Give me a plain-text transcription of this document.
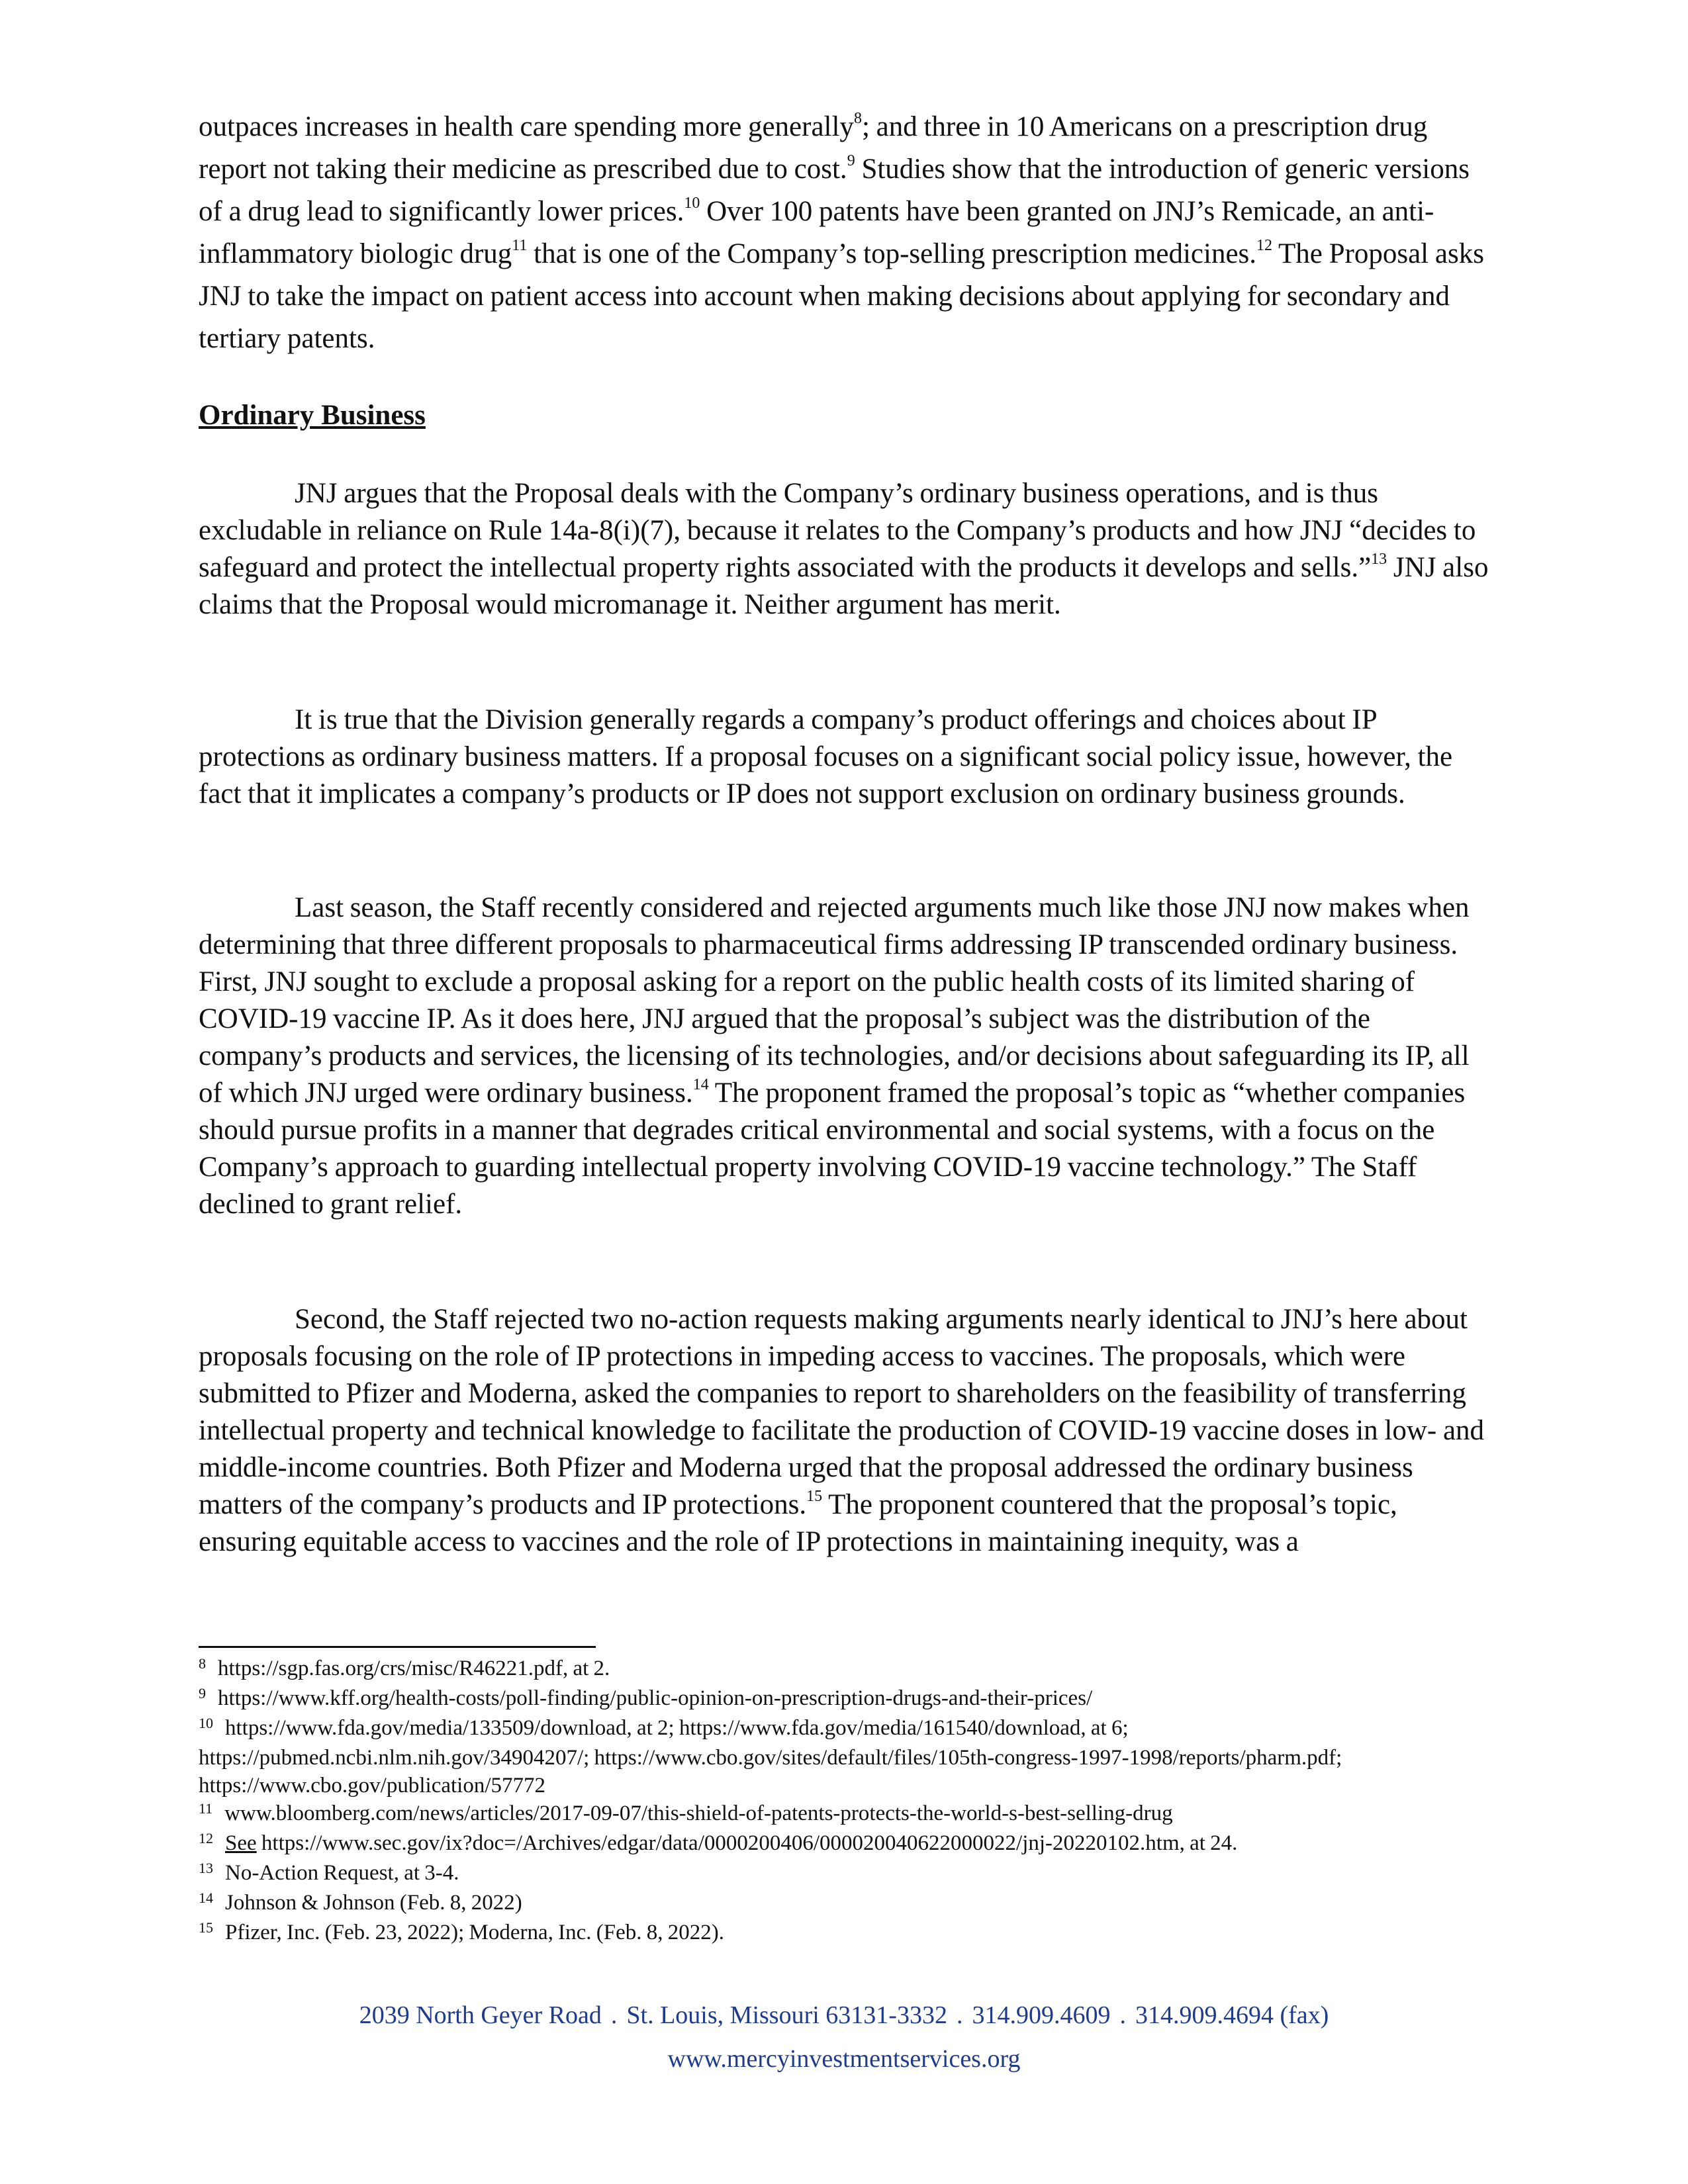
outpaces increases in health care spending more generally$^8$; and three in 10 Americans on a prescription drug report not taking their medicine as prescribed due to cost.$^9$ Studies show that the introduction of generic versions of a drug lead to significantly lower prices.$^{10}$ Over 100 patents have been granted on JNJ’s Remicade, an anti-inflammatory biologic drug$^{11}$ that is one of the Company’s top-selling prescription medicines.$^{12}$ The Proposal asks JNJ to take the impact on patient access into account when making decisions about applying for secondary and tertiary patents.

Ordinary Business

JNJ argues that the Proposal deals with the Company’s ordinary business operations, and is thus excludable in reliance on Rule 14a-8(i)(7), because it relates to the Company’s products and how JNJ “decides to safeguard and protect the intellectual property rights associated with the products it develops and sells.”$^{13}$ JNJ also claims that the Proposal would micromanage it. Neither argument has merit.

It is true that the Division generally regards a company’s product offerings and choices about IP protections as ordinary business matters. If a proposal focuses on a significant social policy issue, however, the fact that it implicates a company’s products or IP does not support exclusion on ordinary business grounds.

Last season, the Staff recently considered and rejected arguments much like those JNJ now makes when determining that three different proposals to pharmaceutical firms addressing IP transcended ordinary business. First, JNJ sought to exclude a proposal asking for a report on the public health costs of its limited sharing of COVID-19 vaccine IP. As it does here, JNJ argued that the proposal’s subject was the distribution of the company’s products and services, the licensing of its technologies, and/or decisions about safeguarding its IP, all of which JNJ urged were ordinary business.$^{14}$ The proponent framed the proposal’s topic as “whether companies should pursue profits in a manner that degrades critical environmental and social systems, with a focus on the Company’s approach to guarding intellectual property involving COVID-19 vaccine technology.” The Staff declined to grant relief.

Second, the Staff rejected two no-action requests making arguments nearly identical to JNJ’s here about proposals focusing on the role of IP protections in impeding access to vaccines. The proposals, which were submitted to Pfizer and Moderna, asked the companies to report to shareholders on the feasibility of transferring intellectual property and technical knowledge to facilitate the production of COVID-19 vaccine doses in low- and middle-income countries. Both Pfizer and Moderna urged that the proposal addressed the ordinary business matters of the company’s products and IP protections.$^{15}$ The proponent countered that the proposal’s topic, ensuring equitable access to vaccines and the role of IP protections in maintaining inequity, was a

$^8$ https://sgp.fas.org/crs/misc/R46221.pdf, at 2.

$^9$ https://www.kff.org/health-costs/poll-finding/public-opinion-on-prescription-drugs-and-their-prices/

$^{10}$ https://www.fda.gov/media/133509/download, at 2; https://www.fda.gov/media/161540/download, at 6; https://pubmed.ncbi.nlm.nih.gov/34904207/; https://www.cbo.gov/sites/default/files/105th-congress-1997-1998/reports/pharm.pdf; https://www.cbo.gov/publication/57772

$^{11}$ www.bloomberg.com/news/articles/2017-09-07/this-shield-of-patents-protects-the-world-s-best-selling-drug

$^{12}$ See https://www.sec.gov/ix?doc=/Archives/edgar/data/0000200406/000020040622000022/jnj-20220102.htm, at 24.

$^{13}$ No-Action Request, at 3-4.

$^{14}$ Johnson & Johnson (Feb. 8, 2022)

$^{15}$ Pfizer, Inc. (Feb. 23, 2022); Moderna, Inc. (Feb. 8, 2022).

2039 North Geyer Road . St. Louis, Missouri 63131-3332 . 314.909.4609 . 314.909.4694 (fax)
www.mercyinvestmentservices.org
